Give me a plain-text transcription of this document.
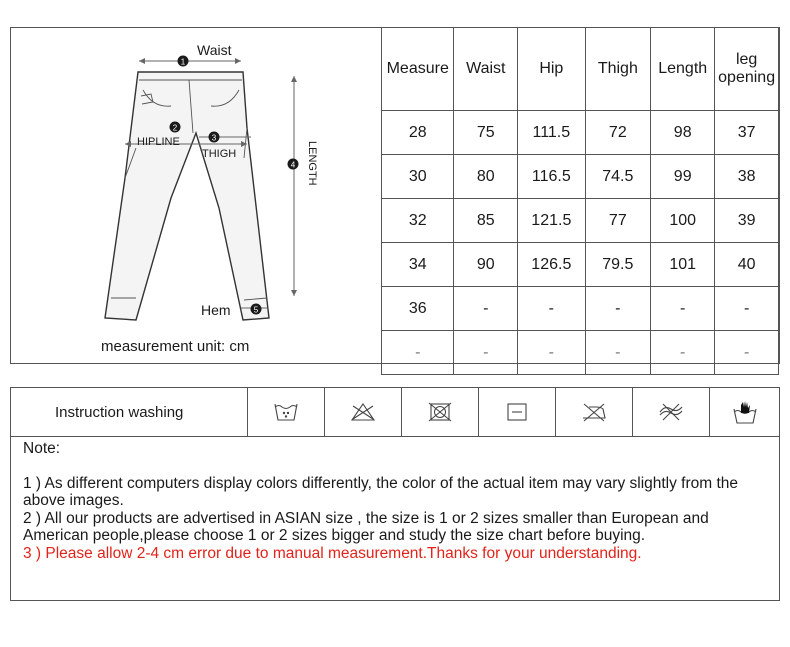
1
Waist
2
HIPLINE	3
THIGH
4 LENGTH
5
Hem
measurement unit: cm
Measure	Waist	Hip	Thigh	Length	leg
opening
28	75	111.5	72	98	37
30	80	116.5	74.5	99	38
32	85	121.5	77	100	39
34	90	126.5	79.5	101	40
36	-	-	-	-	-
-	-	-	-	-	-
Instruction washing
Note:

1 ) As different computers display colors differently, the color of the actual item may vary slightly from the above images.

2 ) All our products are advertised in ASIAN size , the size is 1 or 2 sizes smaller than European and American people,please choose 1 or 2 sizes bigger and study the size chart before buying.

3 ) Please allow 2-4 cm error due to manual measurement.Thanks for your understanding.
